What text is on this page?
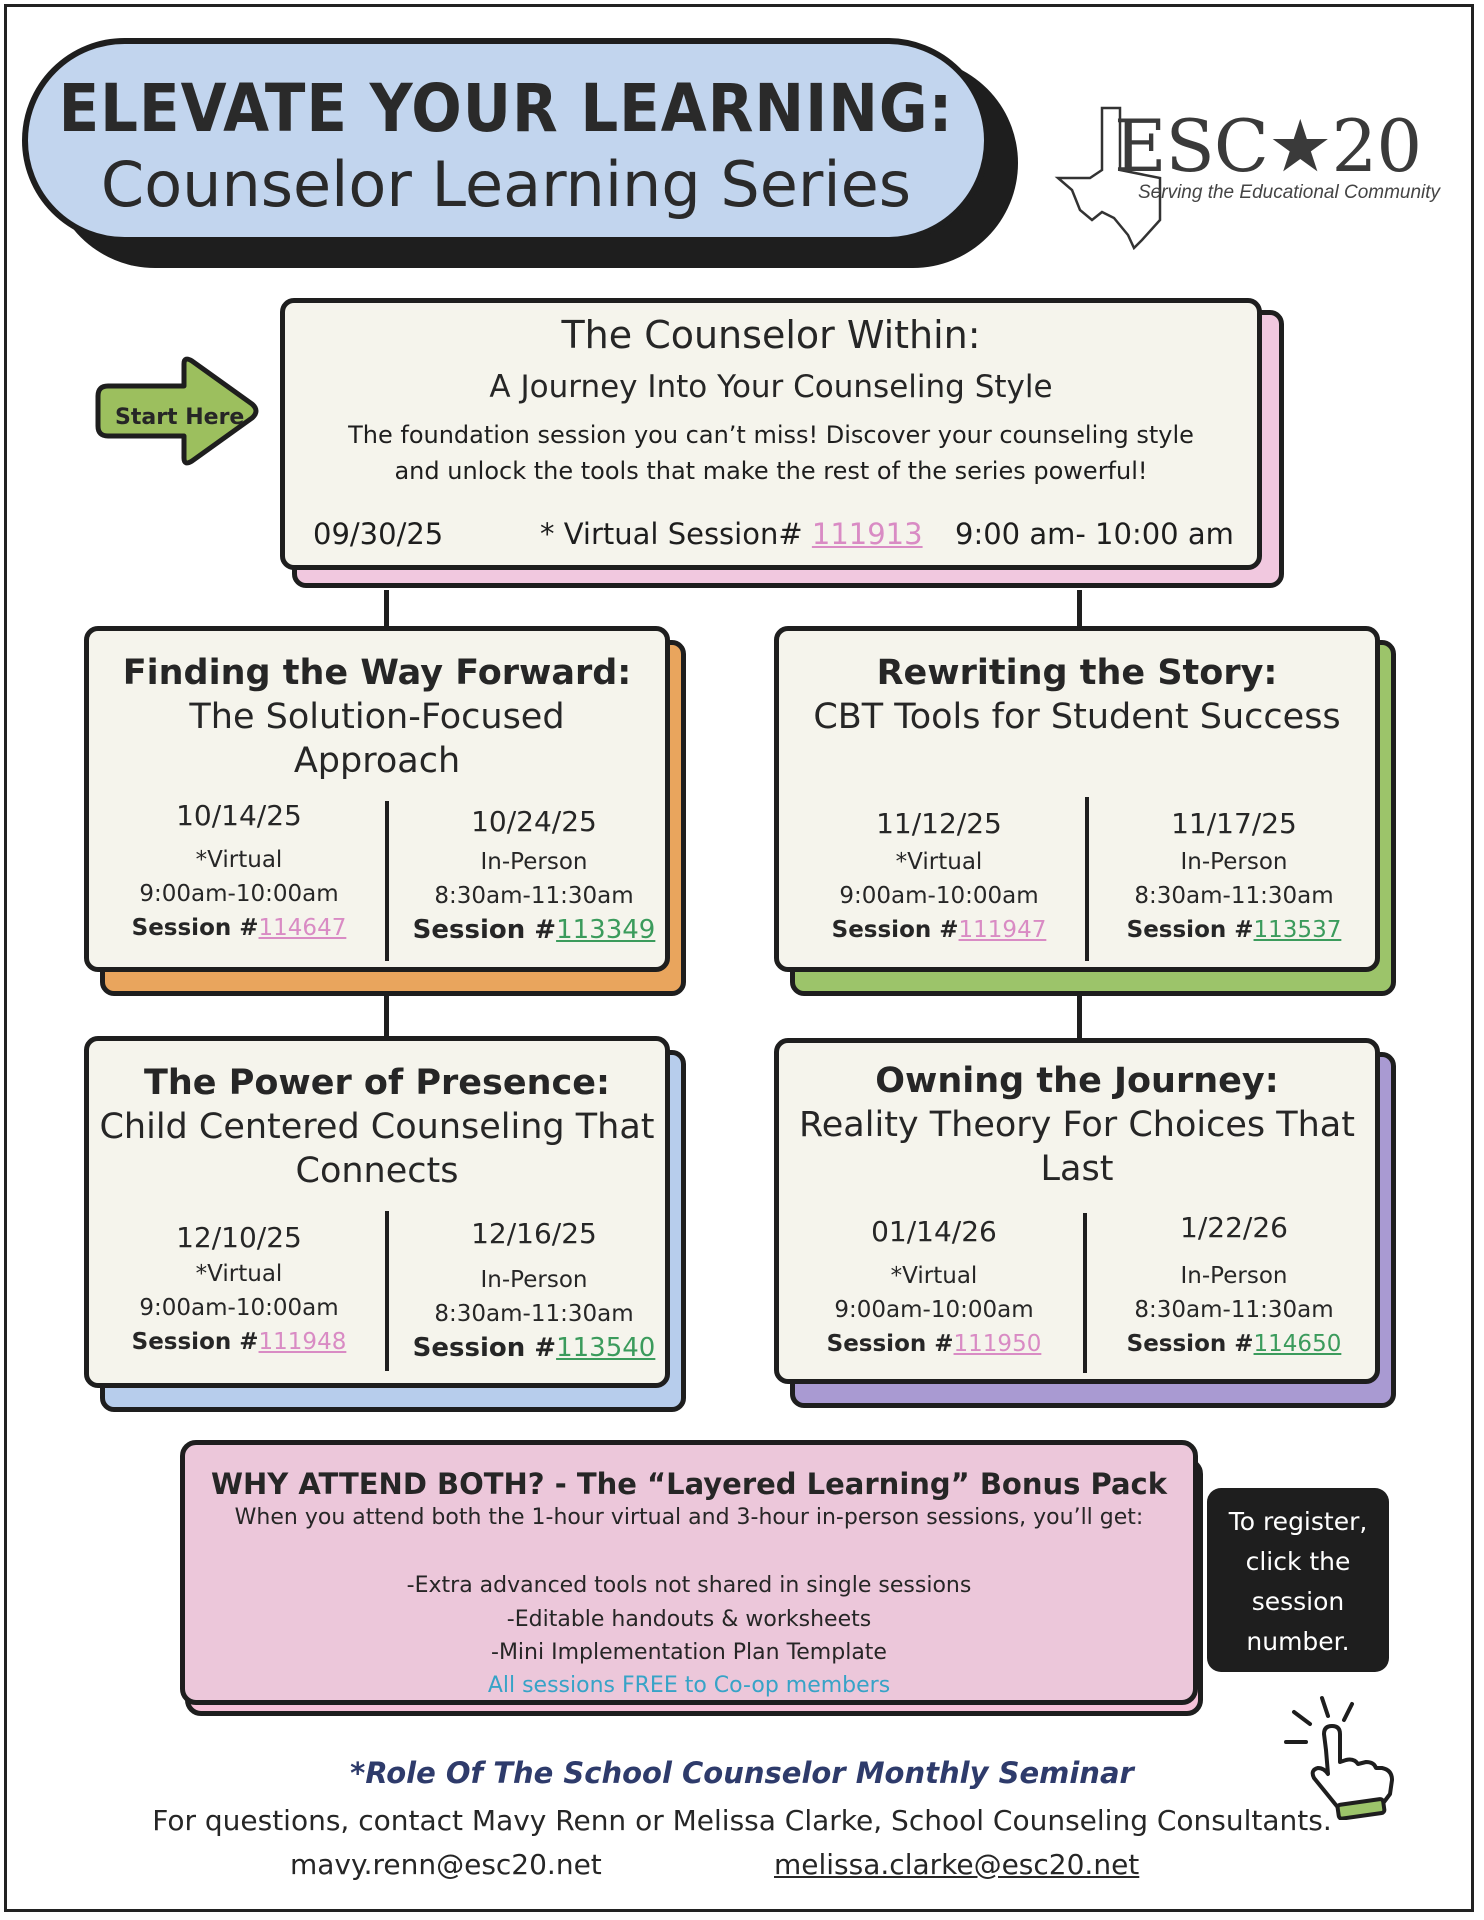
ELEVATE YOUR LEARNING:
Counselor Learning Series	ESC★20
Serving the Educational Community
Start Here
The Counselor Within:
A Journey Into Your Counseling Style
The foundation session you can’t miss! Discover your counseling style
and unlock the tools that make the rest of the series powerful!
09/30/25	* Virtual Session# 111913 9:00 am- 10:00 am
Finding the Way Forward:
The Solution-Focused
Approach
10/14/25
*Virtual
9:00am-10:00am
Session #114647
10/24/25
In-Person
8:30am-11:30am
Session #113349
Rewriting the Story:
CBT Tools for Student Success
11/12/25
*Virtual
9:00am-10:00am
Session #111947
11/17/25
In-Person
8:30am-11:30am
Session #113537
The Power of Presence:
Child Centered Counseling That
Connects
12/10/25
*Virtual
9:00am-10:00am
Session #111948
12/16/25
In-Person
8:30am-11:30am
Session #113540
Owning the Journey:
Reality Theory For Choices That
Last
01/14/26
*Virtual
9:00am-10:00am
Session #111950
1/22/26
In-Person
8:30am-11:30am
Session #114650
WHY ATTEND BOTH? - The “Layered Learning” Bonus Pack
When you attend both the 1-hour virtual and 3-hour in-person sessions, you’ll get:
-Extra advanced tools not shared in single sessions
-Editable handouts & worksheets
-Mini Implementation Plan Template
All sessions FREE to Co-op members
To register,
click the
session
number.
*Role Of The School Counselor Monthly Seminar
For questions, contact Mavy Renn or Melissa Clarke, School Counseling Consultants.
mavy.renn@esc20.net	melissa.clarke@esc20.net
